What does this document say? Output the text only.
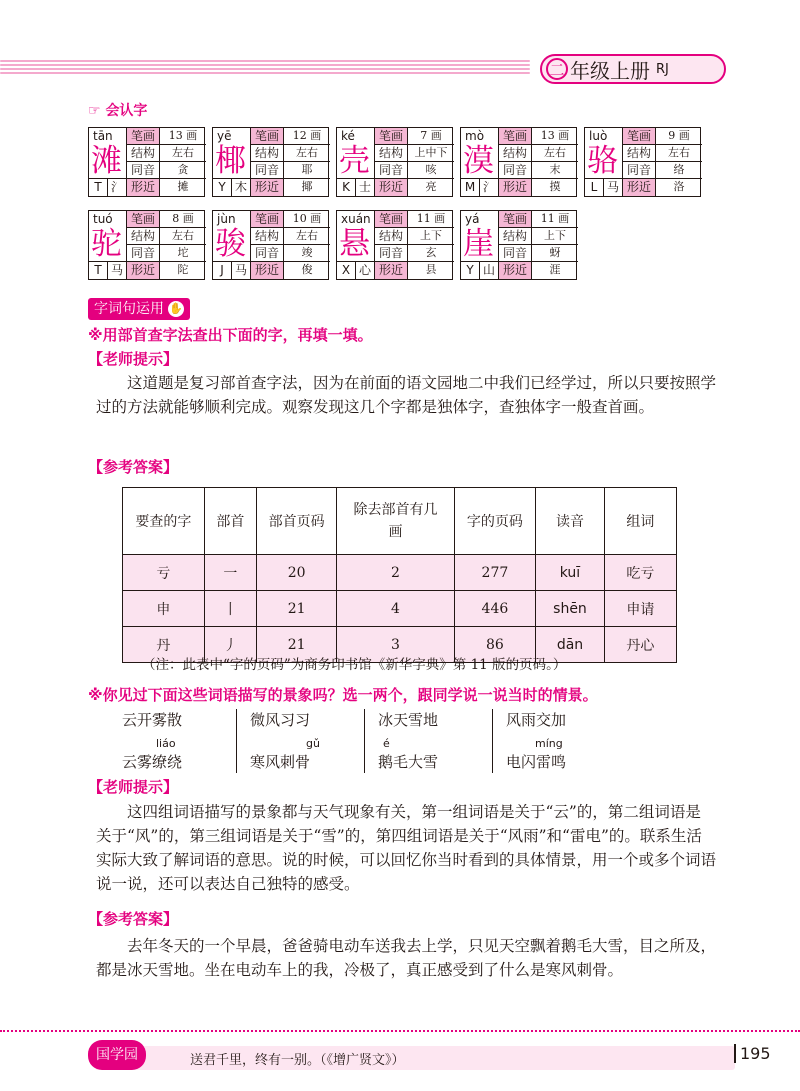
二 年级上册 RJ
☞ 会认字
tān
滩
T 氵
笔画	13 画
结构	左右
同音	贪
形近	摊
yē
椰
Y 木
笔画	12 画
结构	左右
同音	耶
形近	揶
ké
壳
K 士
笔画	7 画
结构	上中下
同音	咳
形近	亮
mò
漠
M 氵
笔画	13 画
结构	左右
同音	末
形近	摸
luò
骆
L 马
笔画	9 画
结构	左右
同音	络
形近	洛
tuó
驼
T 马
笔画	8 画
结构	左右
同音	坨
形近	陀
jùn
骏
J 马
笔画	10 画
结构	左右
同音	竣
形近	俊
xuán
悬
X 心
笔画	11 画
结构	上下
同音	玄
形近	县
yá
崖
Y 山
笔画	11 画
结构	上下
同音	蚜
形近	涯
字词句运用 ✋
※用部首查字法查出下面的字，再填一填。
【老师提示】
这道题是复习部首查字法，因为在前面的语文园地二中我们已经学过，所以只要按照学过的方法就能够顺利完成。观察发现这几个字都是独体字，查独体字一般查首画。
【参考答案】
要查的字	部首	部首页码	除去部首有几画	字的页码	读音	组词
亏	一	20	2	277	kuī	吃亏
申	丨	21	4	446	shēn	申请
丹	丿	21	3	86	dān	丹心
（注：此表中“字的页码”为商务印书馆《新华字典》第 11 版的页码。）
※你见过下面这些词语描写的景象吗？选一两个，跟同学说一说当时的情景。
云开雾散	微风习习	冰天雪地	风雨交加
liáo	gǔ	é	míng
云雾缭绕	寒风刺骨	鹅毛大雪	电闪雷鸣
【老师提示】
这四组词语描写的景象都与天气现象有关，第一组词语是关于“云”的，第二组词语是关于“风”的，第三组词语是关于“雪”的，第四组词语是关于“风雨”和“雷电”的。联系生活实际大致了解词语的意思。说的时候，可以回忆你当时看到的具体情景，用一个或多个词语说一说，还可以表达自己独特的感受。
【参考答案】
去年冬天的一个早晨，爸爸骑电动车送我去上学，只见天空飘着鹅毛大雪，目之所及，都是冰天雪地。坐在电动车上的我，冷极了，真正感受到了什么是寒风刺骨。
国学园	送君千里，终有一别。（《增广贤文》）	195
